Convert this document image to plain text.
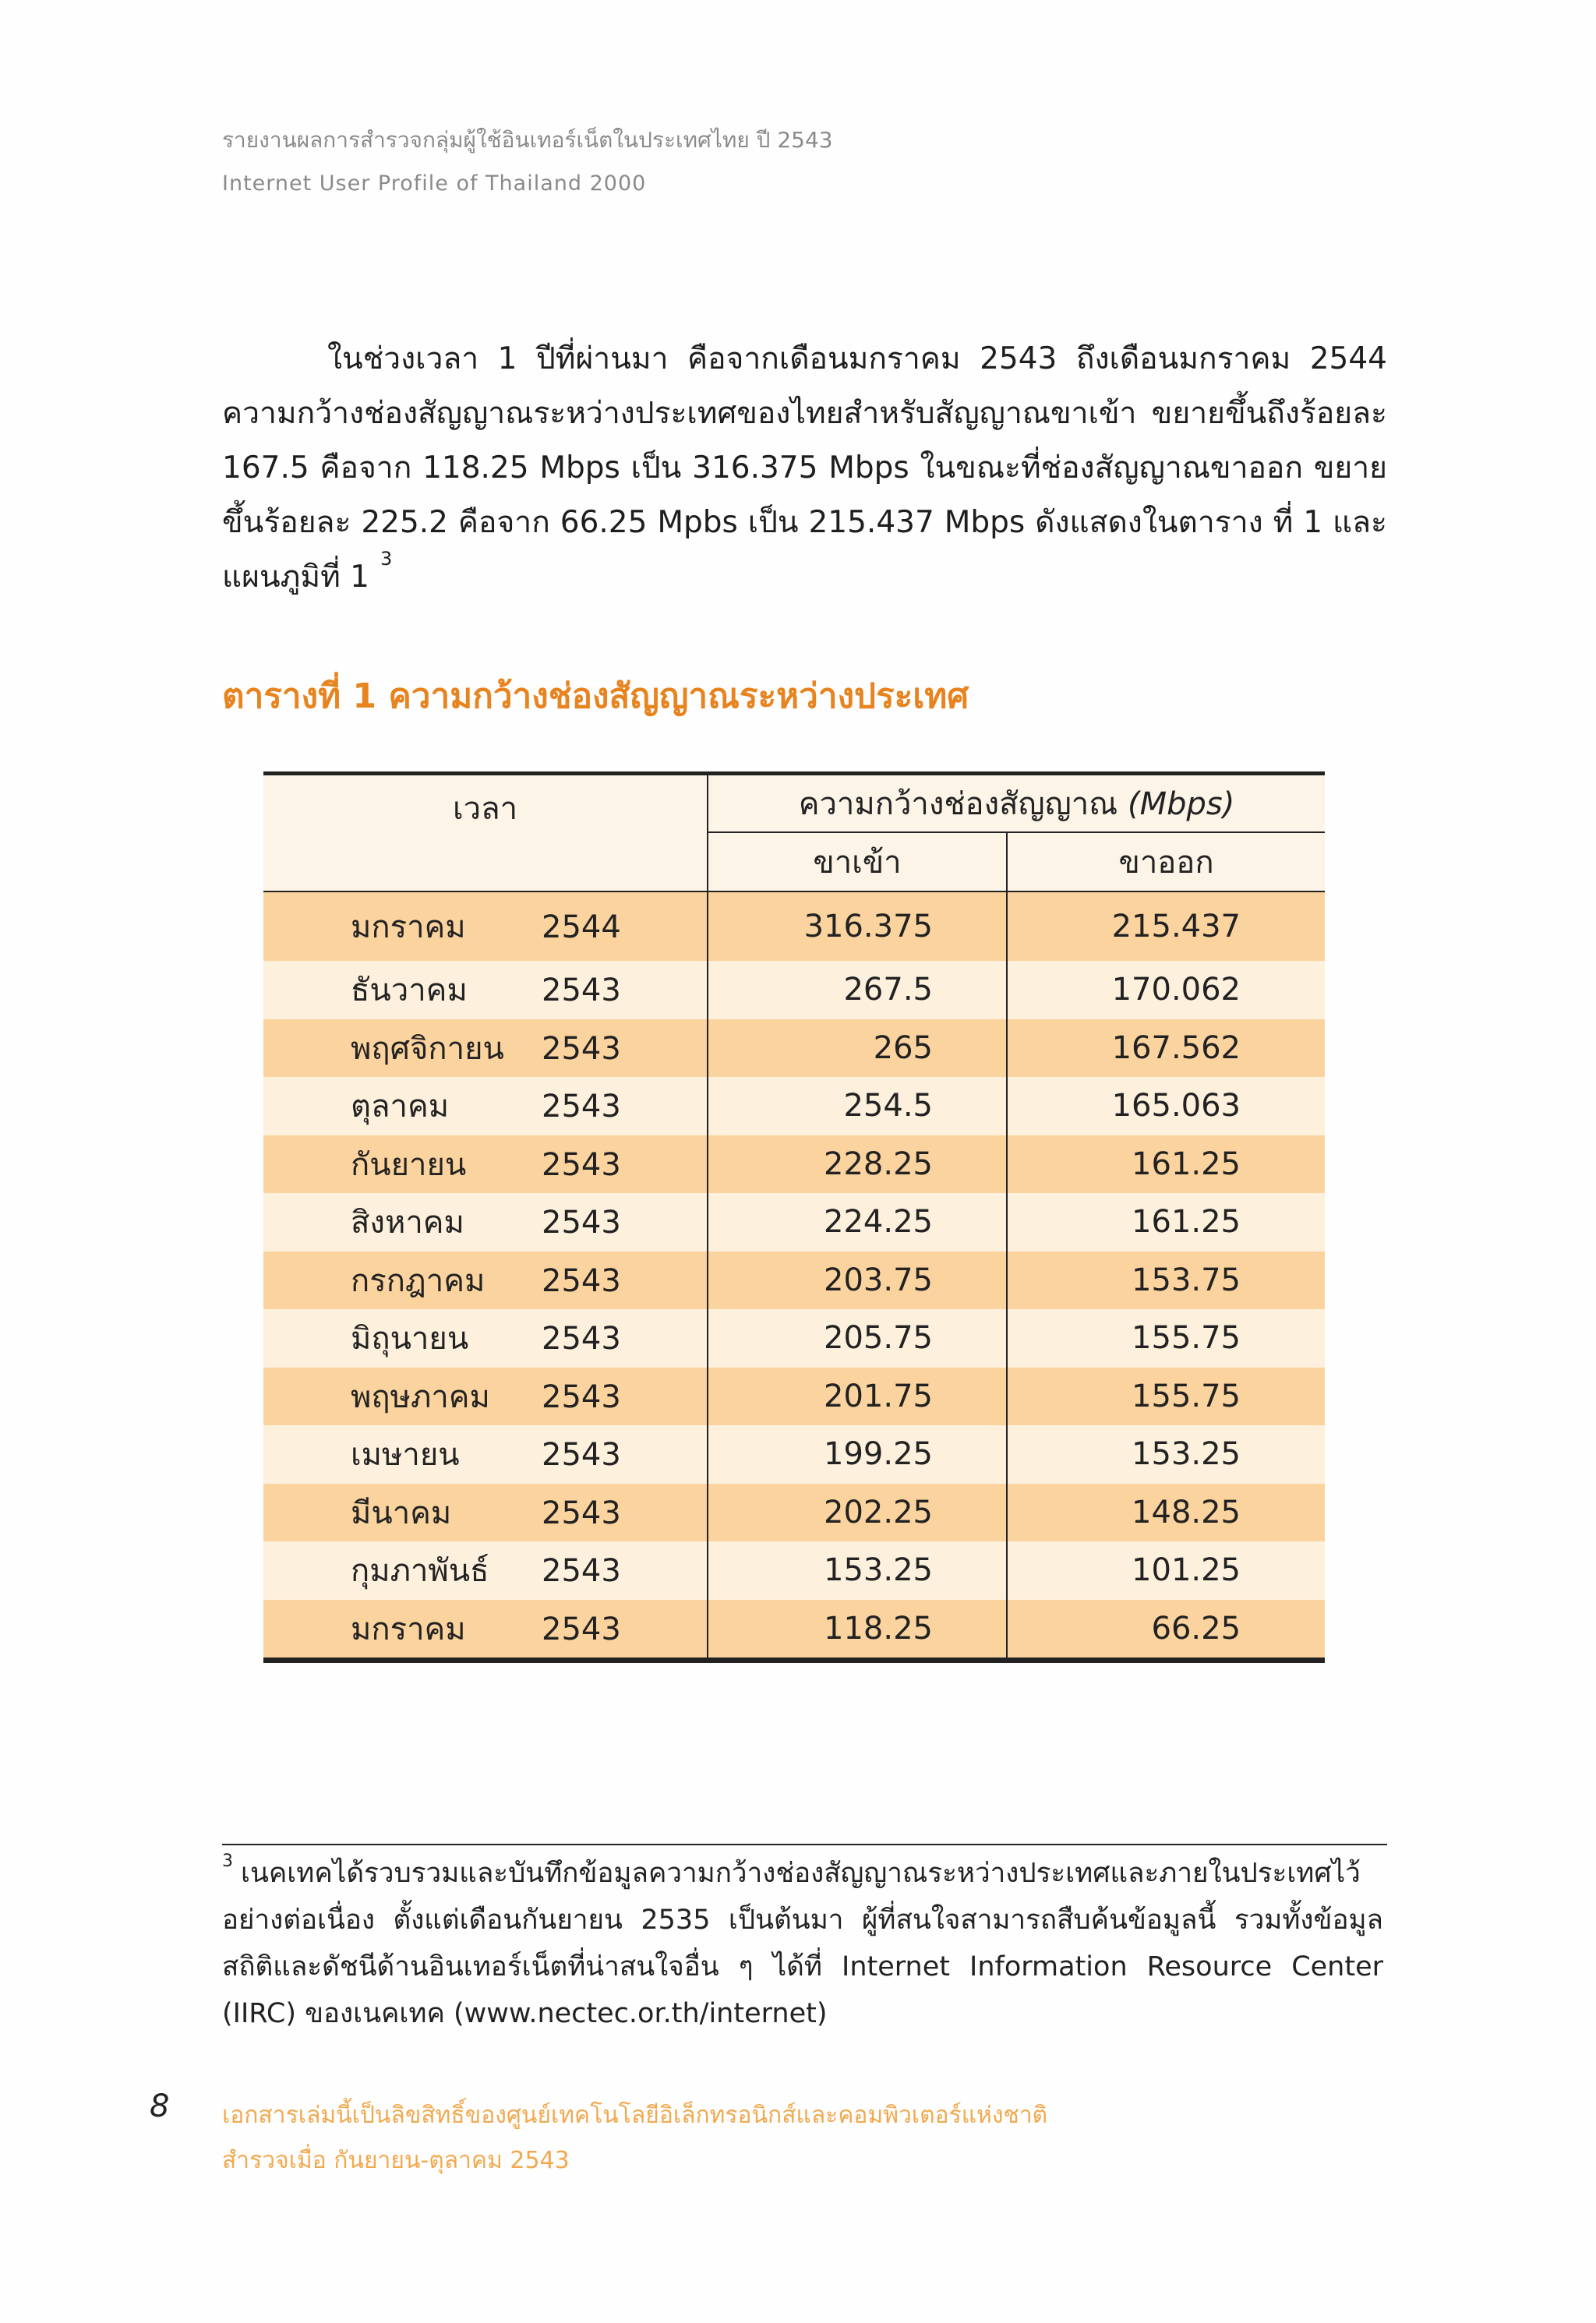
รายงานผลการสำรวจกลุ่มผู้ใช้อินเทอร์เน็ตในประเทศไทย ปี 2543
Internet User Profile of Thailand 2000
ในช่วงเวลา 1 ปีที่ผ่านมา คือจากเดือนมกราคม 2543 ถึงเดือนมกราคม 2544 ความกว้างช่องสัญญาณระหว่างประเทศของไทยสำหรับสัญญาณขาเข้า ขยายขึ้นถึงร้อยละ 167.5 คือจาก 118.25 Mbps เป็น 316.375 Mbps ในขณะที่ช่องสัญญาณขาออก ขยายขึ้นร้อยละ 225.2 คือจาก 66.25 Mpbs เป็น 215.437 Mbps ดังแสดงในตาราง ที่ 1 และแผนภูมิที่ $1^3$
ตารางที่ 1 ความกว้างช่องสัญญาณระหว่างประเทศ
เวลา	ความกว้างช่องสัญญาณ (Mbps)	
	ขาเข้า	ขาออก
มกราคม 2544	316.375	215.437
ธันวาคม 2543	267.5	170.062
พฤศจิกายน 2543	265	167.562
ตุลาคม 2543	254.5	165.063
กันยายน 2543	228.25	161.25
สิงหาคม 2543	224.25	161.25
กรกฎาคม 2543	203.75	153.75
มิถุนายน 2543	205.75	155.75
พฤษภาคม 2543	201.75	155.75
เมษายน 2543	199.25	153.25
มีนาคม 2543	202.25	148.25
กุมภาพันธ์ 2543	153.25	101.25
มกราคม 2543	118.25	66.25
$^3$ เนคเทคได้รวบรวมและบันทึกข้อมูลความกว้างช่องสัญญาณระหว่างประเทศและภายในประเทศไว้อย่างต่อเนื่อง ตั้งแต่เดือนกันยายน 2535 เป็นต้นมา ผู้ที่สนใจสามารถสืบค้นข้อมูลนี้ รวมทั้งข้อมูลสถิติและดัชนีด้านอินเทอร์เน็ตที่น่าสนใจอื่น ๆ ได้ที่ Internet Information Resource Center (IIRC) ของเนคเทค (www.nectec.or.th/internet)
8 เอกสารเล่มนี้เป็นลิขสิทธิ์ของศูนย์เทคโนโลยีอิเล็กทรอนิกส์และคอมพิวเตอร์แห่งชาติ
สำรวจเมื่อ กันยายน-ตุลาคม 2543
